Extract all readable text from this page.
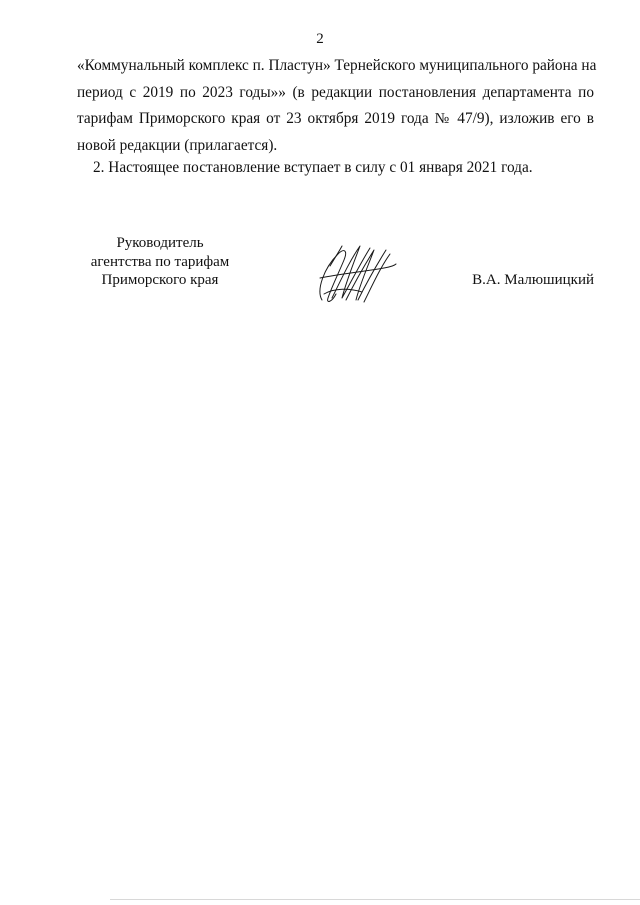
2
«Коммунальный комплекс п. Пластун» Тернейского муниципального района на
период с 2019 по 2023 годы»» (в редакции постановления департамента по
тарифам Приморского края от 23 октября 2019 года № 47/9), изложив его в
новой редакции (прилагается).
2. Настоящее постановление вступает в силу с 01 января 2021 года.
Руководитель
агентства по тарифам
Приморского края	В.А. Малюшицкий
